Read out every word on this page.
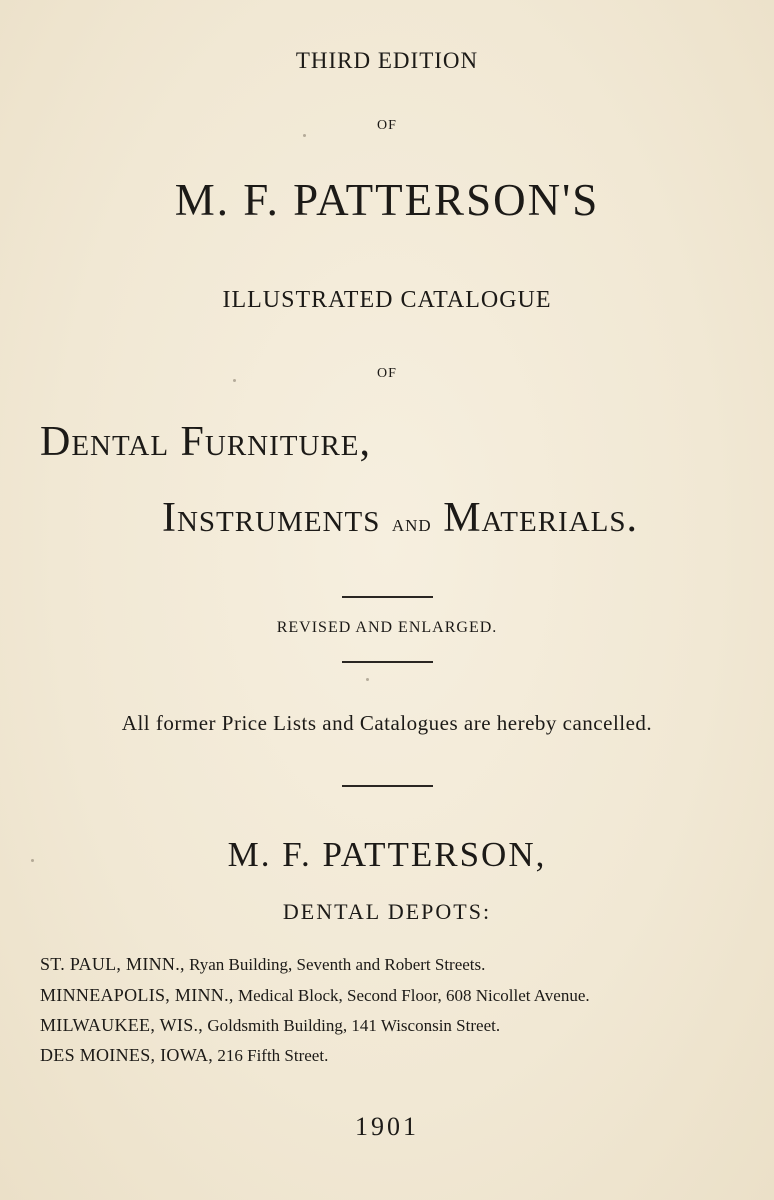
THIRD EDITION

OF

M. F. PATTERSON'S

ILLUSTRATED CATALOGUE

OF

Dental Furniture,

Instruments and Materials.

REVISED AND ENLARGED.

All former Price Lists and Catalogues are hereby cancelled.

M. F. PATTERSON,

DENTAL DEPOTS:

ST. PAUL, MINN., Ryan Building, Seventh and Robert Streets.

MINNEAPOLIS, MINN., Medical Block, Second Floor, 608 Nicollet Avenue.

MILWAUKEE, WIS., Goldsmith Building, 141 Wisconsin Street.

DES MOINES, IOWA, 216 Fifth Street.

1901
